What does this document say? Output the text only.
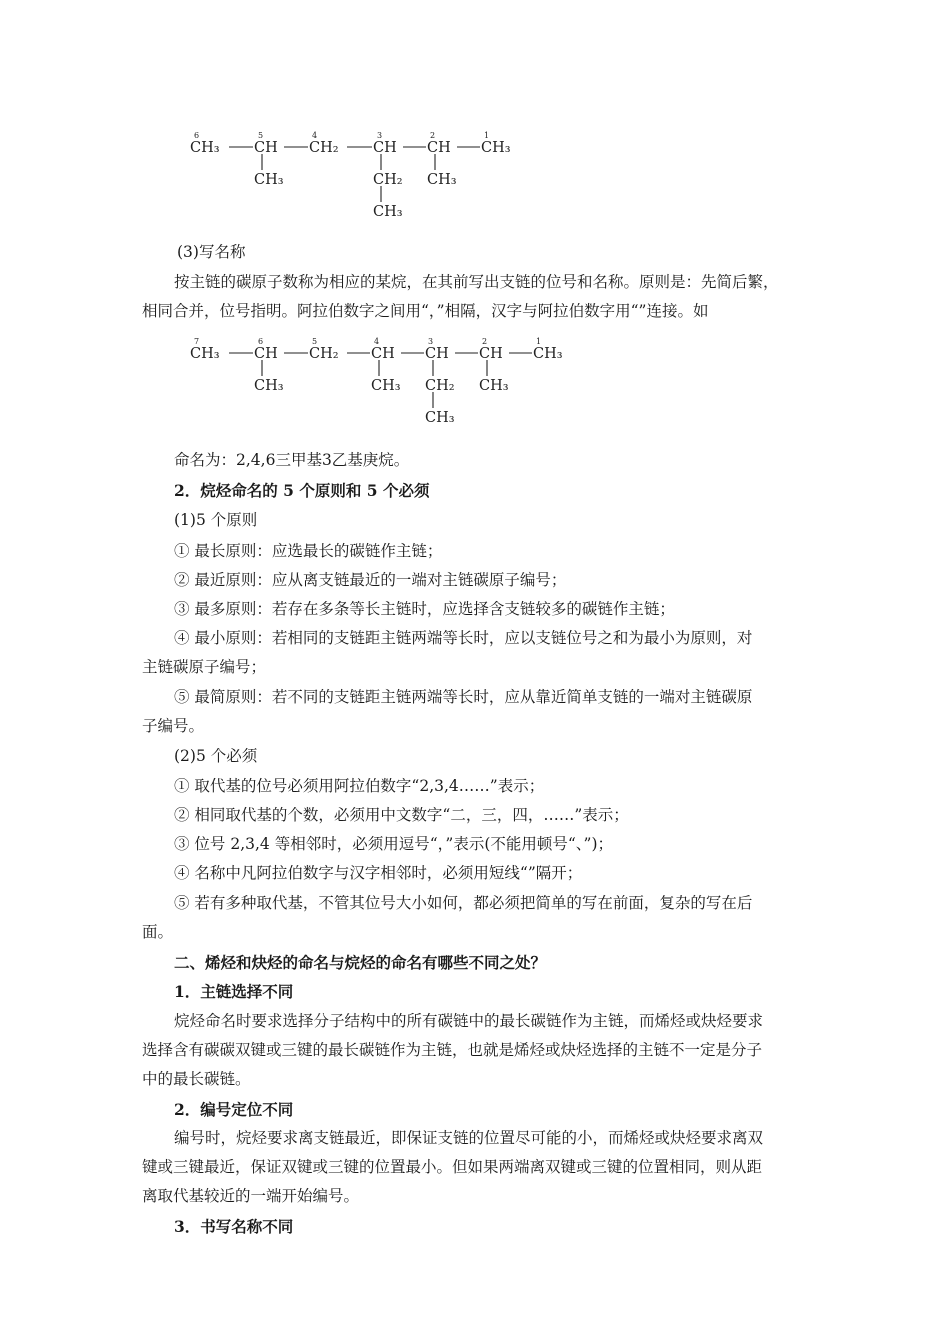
6	5	4	3	2	1
CH₃ CH CH₂ CH CH CH₃
CH₃	CH₂
CH₃
CH₃
7	6	5	4	3	2	1
CH₃ CH CH₂ CH CH CH CH₃
CH₃	CH₃ CH₂
CH₃
CH₃
(3)写名称
按主链的碳原子数称为相应的某烷，在其前写出支链的位号和名称。原则是：先简后繁，
相同合并，位号指明。阿拉伯数字之间用“，”相隔，汉字与阿拉伯数字用“”连接。如
命名为：2,4,6三甲基3乙基庚烷。
2．烷烃命名的 5 个原则和 5 个必须
(1)5 个原则
① 最长原则：应选最长的碳链作主链；
② 最近原则：应从离支链最近的一端对主链碳原子编号；
③ 最多原则：若存在多条等长主链时，应选择含支链较多的碳链作主链；
④ 最小原则：若相同的支链距主链两端等长时，应以支链位号之和为最小为原则，对
主链碳原子编号；
⑤ 最简原则：若不同的支链距主链两端等长时，应从靠近简单支链的一端对主链碳原
子编号。
(2)5 个必须
① 取代基的位号必须用阿拉伯数字“2,3,4……”表示；
② 相同取代基的个数，必须用中文数字“二，三，四，……”表示；
③ 位号 2,3,4 等相邻时，必须用逗号“，”表示(不能用顿号“、”)；
④ 名称中凡阿拉伯数字与汉字相邻时，必须用短线“”隔开；
⑤ 若有多种取代基，不管其位号大小如何，都必须把简单的写在前面，复杂的写在后
面。
二、烯烃和炔烃的命名与烷烃的命名有哪些不同之处？
1．主链选择不同
烷烃命名时要求选择分子结构中的所有碳链中的最长碳链作为主链，而烯烃或炔烃要求
选择含有碳碳双键或三键的最长碳链作为主链，也就是烯烃或炔烃选择的主链不一定是分子
中的最长碳链。
2．编号定位不同
编号时，烷烃要求离支链最近，即保证支链的位置尽可能的小，而烯烃或炔烃要求离双
键或三键最近，保证双键或三键的位置最小。但如果两端离双键或三键的位置相同，则从距
离取代基较近的一端开始编号。
3．书写名称不同
